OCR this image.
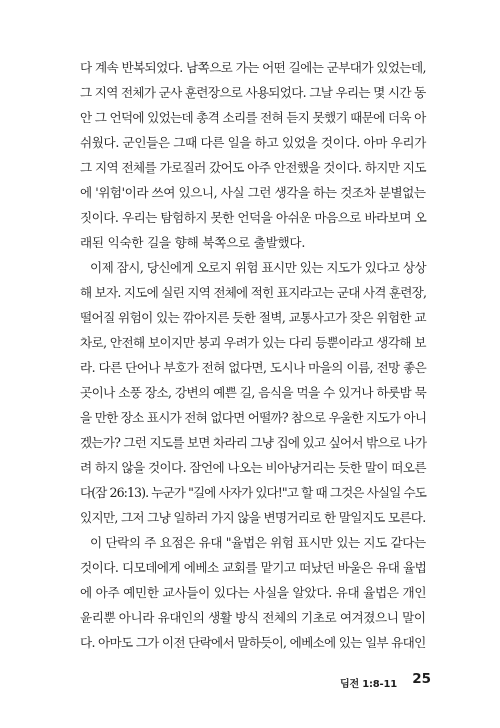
다 계속 반복되었다. 남쪽으로 가는 어떤 길에는 군부대가 있었는데,
그 지역 전체가 군사 훈련장으로 사용되었다. 그날 우리는 몇 시간 동
안 그 언덕에 있었는데 총격 소리를 전혀 듣지 못했기 때문에 더욱 아
쉬웠다. 군인들은 그때 다른 일을 하고 있었을 것이다. 아마 우리가
그 지역 전체를 가로질러 갔어도 아주 안전했을 것이다. 하지만 지도
에 '위험'이라 쓰여 있으니, 사실 그런 생각을 하는 것조차 분별없는
짓이다. 우리는 탐험하지 못한 언덕을 아쉬운 마음으로 바라보며 오
래된 익숙한 길을 향해 북쪽으로 출발했다.
이제 잠시, 당신에게 오로지 위험 표시만 있는 지도가 있다고 상상
해 보자. 지도에 실린 지역 전체에 적힌 표지라고는 군대 사격 훈련장,
떨어질 위험이 있는 깎아지른 듯한 절벽, 교통사고가 잦은 위험한 교
차로, 안전해 보이지만 붕괴 우려가 있는 다리 등뿐이라고 생각해 보
라. 다른 단어나 부호가 전혀 없다면, 도시나 마을의 이름, 전망 좋은
곳이나 소풍 장소, 강변의 예쁜 길, 음식을 먹을 수 있거나 하룻밤 묵
을 만한 장소 표시가 전혀 없다면 어떨까? 참으로 우울한 지도가 아니
겠는가? 그런 지도를 보면 차라리 그냥 집에 있고 싶어서 밖으로 나가
려 하지 않을 것이다. 잠언에 나오는 비아냥거리는 듯한 말이 떠오른
다(잠 26:13). 누군가 "길에 사자가 있다!"고 할 때 그것은 사실일 수도
있지만, 그저 그냥 일하러 가지 않을 변명거리로 한 말일지도 모른다.
이 단락의 주 요점은 유대 "율법은 위험 표시만 있는 지도 같다는
것이다. 디모데에게 에베소 교회를 맡기고 떠났던 바울은 유대 율법
에 아주 예민한 교사들이 있다는 사실을 알았다. 유대 율법은 개인
윤리뿐 아니라 유대인의 생활 방식 전체의 기초로 여겨졌으니 말이
다. 아마도 그가 이전 단락에서 말하듯이, 에베소에 있는 일부 유대인
딤전 1:8-11 25
